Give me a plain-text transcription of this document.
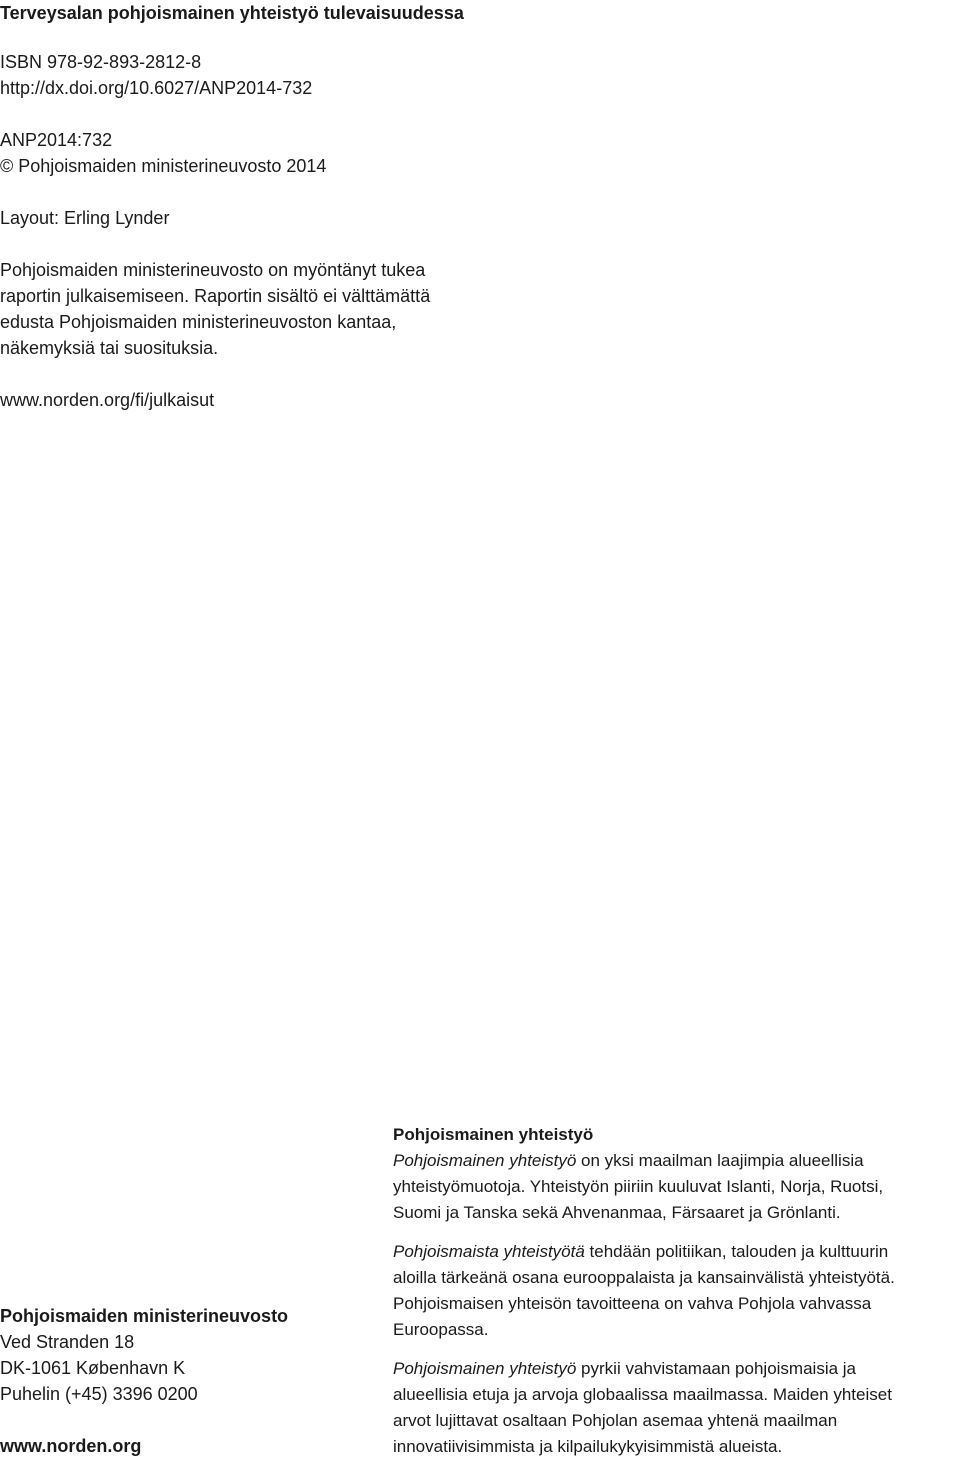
Terveysalan pohjoismainen yhteistyö tulevaisuudessa
ISBN 978-92-893-2812-8
http://dx.doi.org/10.6027/ANP2014-732
ANP2014:732
© Pohjoismaiden ministerineuvosto 2014
Layout: Erling Lynder
Pohjoismaiden ministerineuvosto on myöntänyt tukea
raportin julkaisemiseen. Raportin sisältö ei välttämättä
edusta Pohjoismaiden ministerineuvoston kantaa,
näkemyksiä tai suosituksia.
www.norden.org/fi/julkaisut
Pohjoismaiden ministerineuvosto
Ved Stranden 18
DK-1061 København K
Puhelin (+45) 3396 0200
www.norden.org
Pohjoismainen yhteistyö
Pohjoismainen yhteistyö on yksi maailman laajimpia alueellisia
yhteistyömuotoja. Yhteistyön piiriin kuuluvat Islanti, Norja, Ruotsi,
Suomi ja Tanska sekä Ahvenanmaa, Färsaaret ja Grönlanti.
Pohjoismaista yhteistyötä tehdään politiikan, talouden ja kulttuurin
aloilla tärkeänä osana eurooppalaista ja kansainvälistä yhteistyötä.
Pohjoismaisen yhteisön tavoitteena on vahva Pohjola vahvassa
Euroopassa.
Pohjoismainen yhteistyö pyrkii vahvistamaan pohjoismaisia ja
alueellisia etuja ja arvoja globaalissa maailmassa. Maiden yhteiset
arvot lujittavat osaltaan Pohjolan asemaa yhtenä maailman
innovatiivisimmista ja kilpailukykyisimmistä alueista.
